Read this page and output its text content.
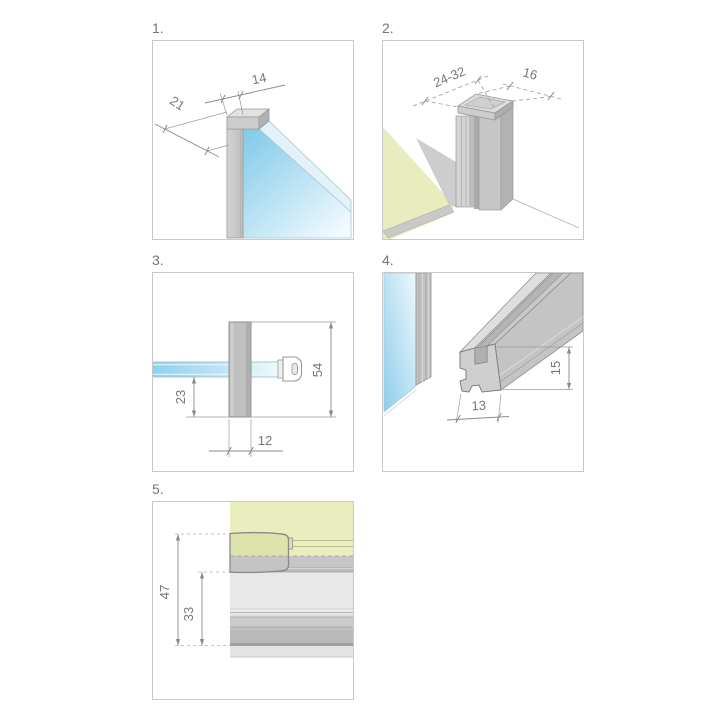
1.
14
21
2.
24-32	16
3.
54
23
12
4.
15
13
5.
47
33
